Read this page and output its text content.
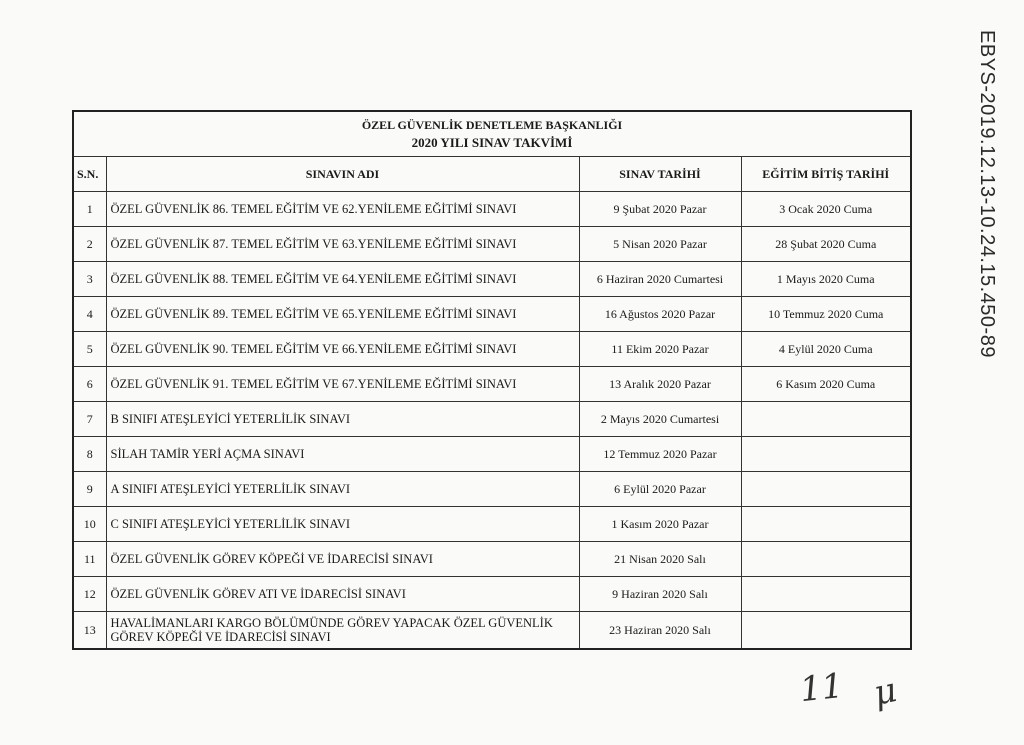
EBYS-2019.12.13-10.24.15.450-89
ÖZEL GÜVENLİK DENETLEME BAŞKANLIĞI
2020 YILI SINAV TAKVİMİ			

S.N.	SINAVIN ADI	SINAV TARİHİ	EĞİTİM BİTİŞ TARİHİ
1	ÖZEL GÜVENLİK 86. TEMEL EĞİTİM VE 62.YENİLEME EĞİTİMİ SINAVI	9 Şubat 2020 Pazar	3 Ocak 2020 Cuma
2	ÖZEL GÜVENLİK 87. TEMEL EĞİTİM VE 63.YENİLEME EĞİTİMİ SINAVI	5 Nisan 2020 Pazar	28 Şubat 2020 Cuma
3	ÖZEL GÜVENLİK 88. TEMEL EĞİTİM VE 64.YENİLEME EĞİTİMİ SINAVI	6 Haziran 2020 Cumartesi	1 Mayıs 2020 Cuma
4	ÖZEL GÜVENLİK 89. TEMEL EĞİTİM VE 65.YENİLEME EĞİTİMİ SINAVI	16 Ağustos 2020 Pazar	10 Temmuz 2020 Cuma
5	ÖZEL GÜVENLİK 90. TEMEL EĞİTİM VE 66.YENİLEME EĞİTİMİ SINAVI	11 Ekim 2020 Pazar	4 Eylül 2020 Cuma
6	ÖZEL GÜVENLİK 91. TEMEL EĞİTİM VE 67.YENİLEME EĞİTİMİ SINAVI	13 Aralık 2020 Pazar	6 Kasım 2020 Cuma
7	B SINIFI ATEŞLEYİCİ YETERLİLİK SINAVI	2 Mayıs 2020 Cumartesi	
8	SİLAH TAMİR YERİ AÇMA SINAVI	12 Temmuz 2020 Pazar	
9	A SINIFI ATEŞLEYİCİ YETERLİLİK SINAVI	6 Eylül 2020 Pazar	
10	C SINIFI ATEŞLEYİCİ YETERLİLİK SINAVI	1 Kasım 2020 Pazar	
11	ÖZEL GÜVENLİK GÖREV KÖPEĞİ VE İDARECİSİ SINAVI	21 Nisan 2020 Salı	
12	ÖZEL GÜVENLİK GÖREV ATI VE İDARECİSİ SINAVI	9 Haziran 2020 Salı	
13	HAVALİMANLARI KARGO BÖLÜMÜNDE GÖREV YAPACAK ÖZEL GÜVENLİK GÖREV KÖPEĞİ VE İDARECİSİ SINAVI	23 Haziran 2020 Salı	
11 μ
